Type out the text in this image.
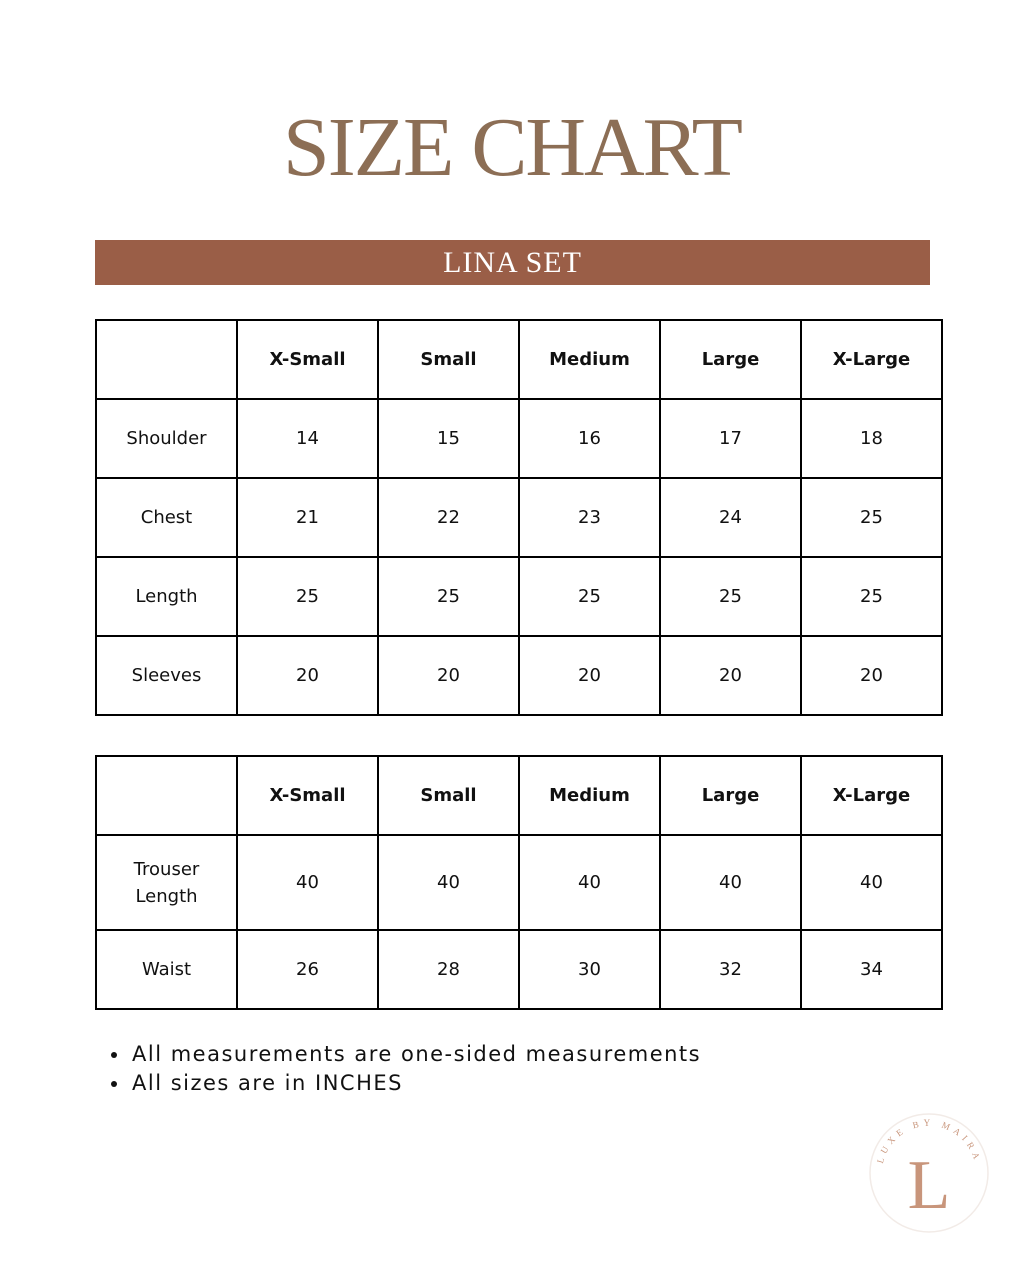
SIZE CHART
LINA SET
	X-Small	Small	Medium	Large	X-Large
Shoulder	14	15	16	17	18
Chest	21	22	23	24	25
Length	25	25	25	25	25
Sleeves	20	20	20	20	20
	X-Small	Small	Medium	Large	X-Large
Trouser Length	40	40	40	40	40
Waist	26	28	30	32	34
• All measurements are one-sided measurements
• All sizes are in INCHES
LUXE BY MAIRA
L
